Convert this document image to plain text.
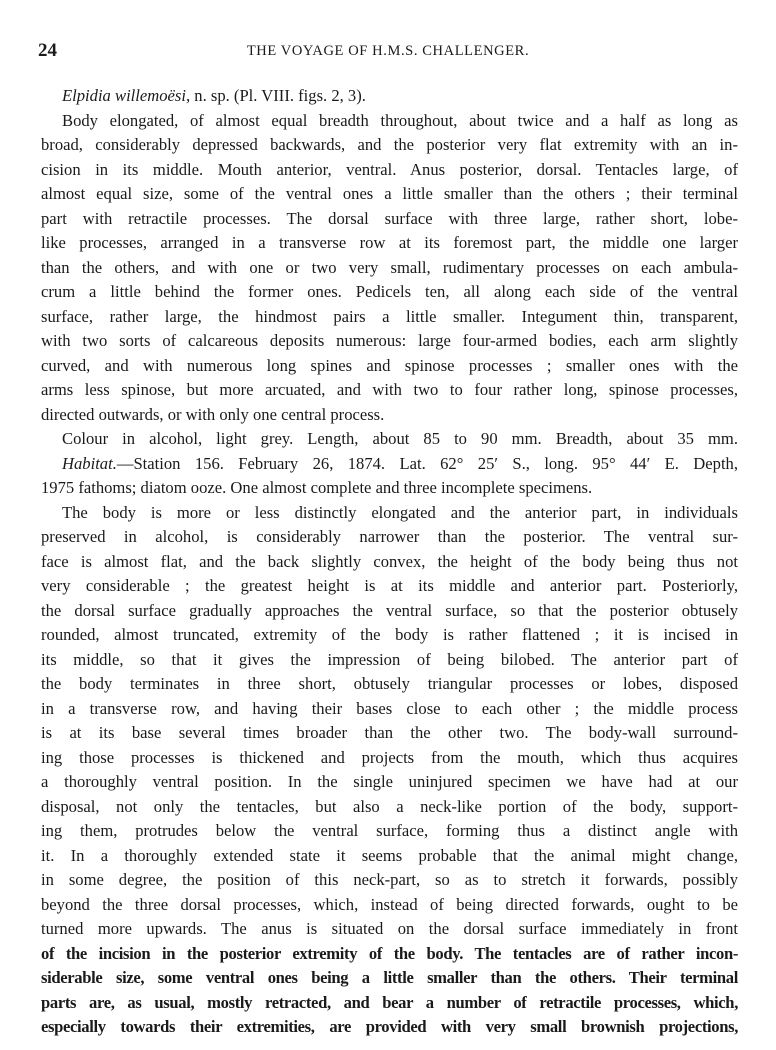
24	THE VOYAGE OF H.M.S. CHALLENGER.
Elpidia willemoësi, n. sp. (Pl. VIII. figs. 2, 3).
Body elongated, of almost equal breadth throughout, about twice and a half as long as
broad, considerably depressed backwards, and the posterior very flat extremity with an in-
cision in its middle. Mouth anterior, ventral. Anus posterior, dorsal. Tentacles large, of
almost equal size, some of the ventral ones a little smaller than the others ; their terminal
part with retractile processes. The dorsal surface with three large, rather short, lobe-
like processes, arranged in a transverse row at its foremost part, the middle one larger
than the others, and with one or two very small, rudimentary processes on each ambula-
crum a little behind the former ones. Pedicels ten, all along each side of the ventral
surface, rather large, the hindmost pairs a little smaller. Integument thin, transparent,
with two sorts of calcareous deposits numerous: large four-armed bodies, each arm slightly
curved, and with numerous long spines and spinose processes ; smaller ones with the
arms less spinose, but more arcuated, and with two to four rather long, spinose processes,
directed outwards, or with only one central process.
Colour in alcohol, light grey. Length, about 85 to 90 mm. Breadth, about 35 mm.
Habitat.—Station 156. February 26, 1874. Lat. 62° 25′ S., long. 95° 44′ E. Depth,
1975 fathoms; diatom ooze. One almost complete and three incomplete specimens.
The body is more or less distinctly elongated and the anterior part, in individuals
preserved in alcohol, is considerably narrower than the posterior. The ventral sur-
face is almost flat, and the back slightly convex, the height of the body being thus not
very considerable ; the greatest height is at its middle and anterior part. Posteriorly,
the dorsal surface gradually approaches the ventral surface, so that the posterior obtusely
rounded, almost truncated, extremity of the body is rather flattened ; it is incised in
its middle, so that it gives the impression of being bilobed. The anterior part of
the body terminates in three short, obtusely triangular processes or lobes, disposed
in a transverse row, and having their bases close to each other ; the middle process
is at its base several times broader than the other two. The body-wall surround-
ing those processes is thickened and projects from the mouth, which thus acquires
a thoroughly ventral position. In the single uninjured specimen we have had at our
disposal, not only the tentacles, but also a neck-like portion of the body, support-
ing them, protrudes below the ventral surface, forming thus a distinct angle with
it. In a thoroughly extended state it seems probable that the animal might change,
in some degree, the position of this neck-part, so as to stretch it forwards, possibly
beyond the three dorsal processes, which, instead of being directed forwards, ought to be
turned more upwards. The anus is situated on the dorsal surface immediately in front
of the incision in the posterior extremity of the body. The tentacles are of rather incon-
siderable size, some ventral ones being a little smaller than the others. Their terminal
parts are, as usual, mostly retracted, and bear a number of retractile processes, which,
especially towards their extremities, are provided with very small brownish projections,
